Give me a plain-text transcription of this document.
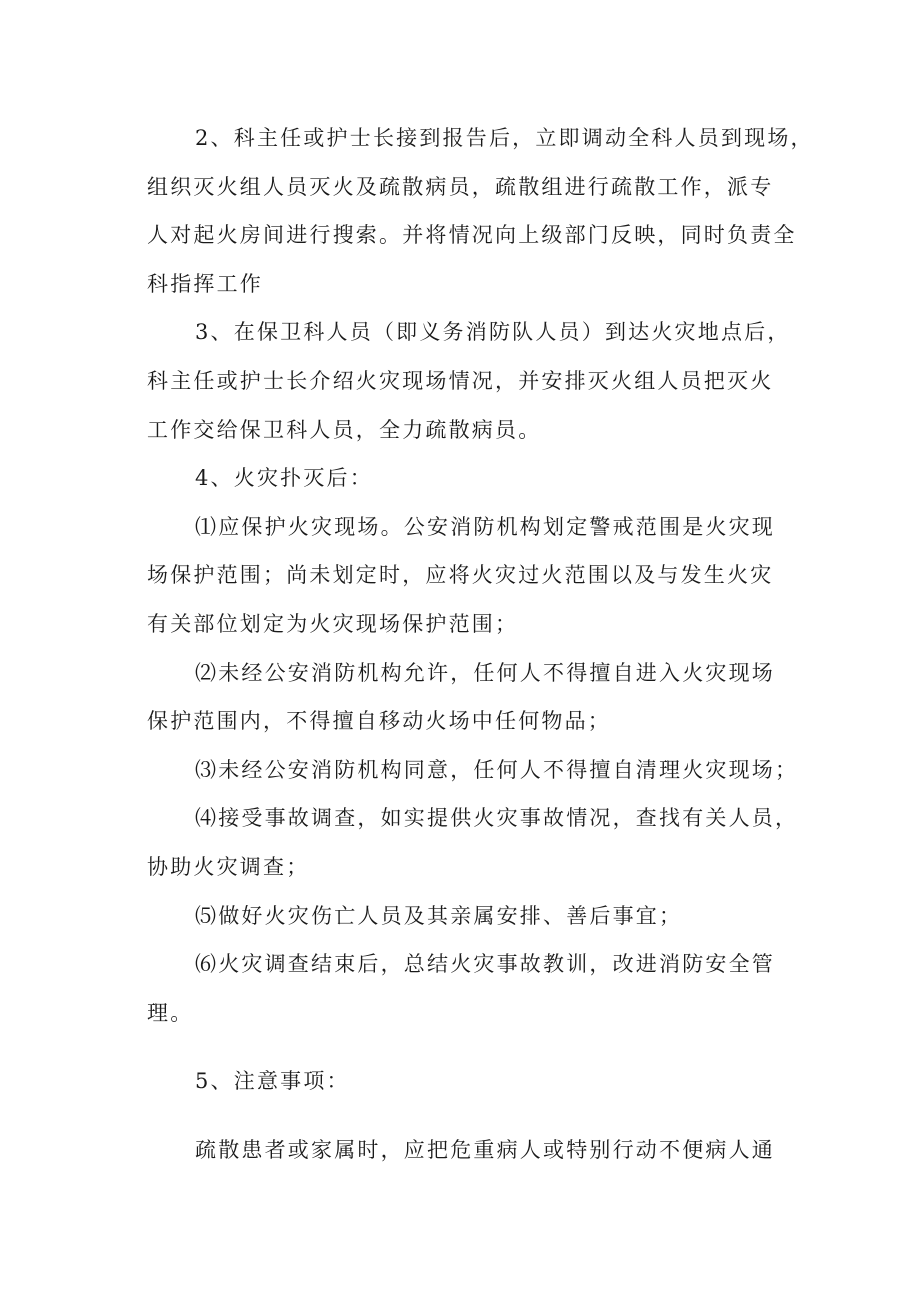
2、科主任或护士长接到报告后，立即调动全科人员到现场，
组织灭火组人员灭火及疏散病员，疏散组进行疏散工作，派专
人对起火房间进行搜索。并将情况向上级部门反映，同时负责全
科指挥工作
3、在保卫科人员（即义务消防队人员）到达火灾地点后，
科主任或护士长介绍火灾现场情况，并安排灭火组人员把灭火
工作交给保卫科人员，全力疏散病员。
4、火灾扑灭后：
⑴应保护火灾现场。公安消防机构划定警戒范围是火灾现
场保护范围；尚未划定时，应将火灾过火范围以及与发生火灾
有关部位划定为火灾现场保护范围；
⑵未经公安消防机构允许，任何人不得擅自进入火灾现场
保护范围内，不得擅自移动火场中任何物品；
⑶未经公安消防机构同意，任何人不得擅自清理火灾现场；
⑷接受事故调查，如实提供火灾事故情况，查找有关人员，
协助火灾调查；
⑸做好火灾伤亡人员及其亲属安排、善后事宜；
⑹火灾调查结束后，总结火灾事故教训，改进消防安全管
理。
5、注意事项：
疏散患者或家属时，应把危重病人或特别行动不便病人通
